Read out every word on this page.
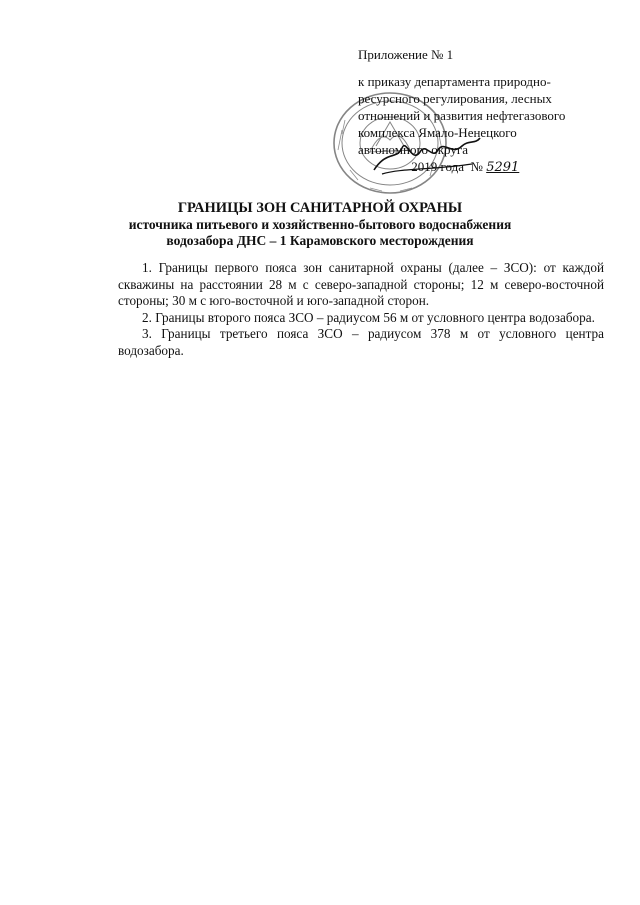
Приложение № 1

к приказу департамента природно-
ресурсного регулирования, лесных
отношений и развития нефтегазового
комплекса Ямало-Ненецкого
автономного округа
2019 года № 5291

ГРАНИЦЫ ЗОН САНИТАРНОЙ ОХРАНЫ
источника питьевого и хозяйственно-бытового водоснабжения
водозабора ДНС – 1 Карамовского месторождения

1. Границы первого пояса зон санитарной охраны (далее – ЗСО): от каждой скважины на расстоянии 28 м с северо-западной стороны; 12 м северо-восточной стороны; 30 м с юго-восточной и юго-западной сторон.

2. Границы второго пояса ЗСО – радиусом 56 м от условного центра водозабора.

3. Границы третьего пояса ЗСО – радиусом 378 м от условного центра водозабора.
